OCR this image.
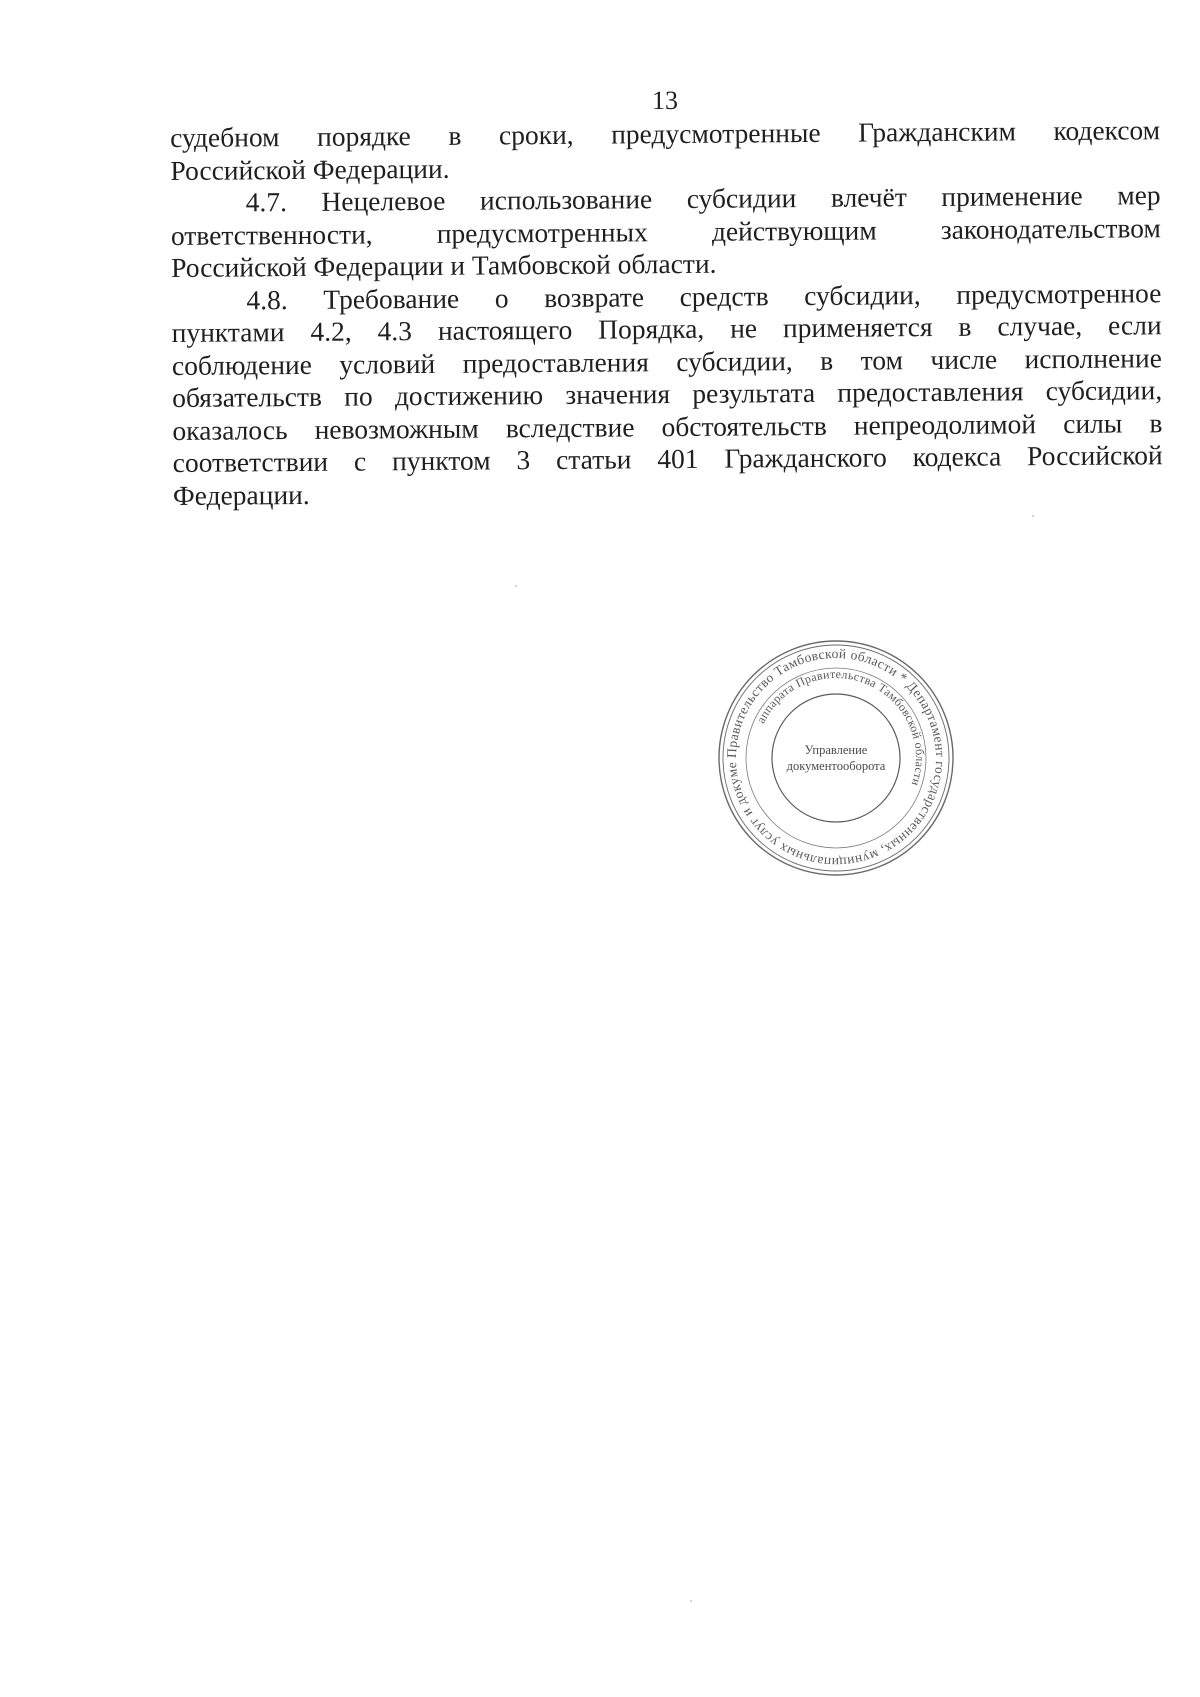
13
судебном порядке в сроки, предусмотренные Гражданским кодексом
Российской Федерации.
4.7. Нецелевое использование субсидии влечёт применение мер
ответственности, предусмотренных действующим законодательством
Российской Федерации и Тамбовской области.
4.8. Требование о возврате средств субсидии, предусмотренное
пунктами 4.2, 4.3 настоящего Порядка, не применяется в случае, если
соблюдение условий предоставления субсидии, в том числе исполнение
обязательств по достижению значения результата предоставления субсидии,
оказалось невозможным вследствие обстоятельств непреодолимой силы в
соответствии с пунктом 3 статьи 401 Гражданского кодекса Российской
Федерации.
Правительство Тамбовской области * Департамент государственных, муниципальных услуг и докуме
аппарата Правительства Тамбовской области
Управление
документооборота
